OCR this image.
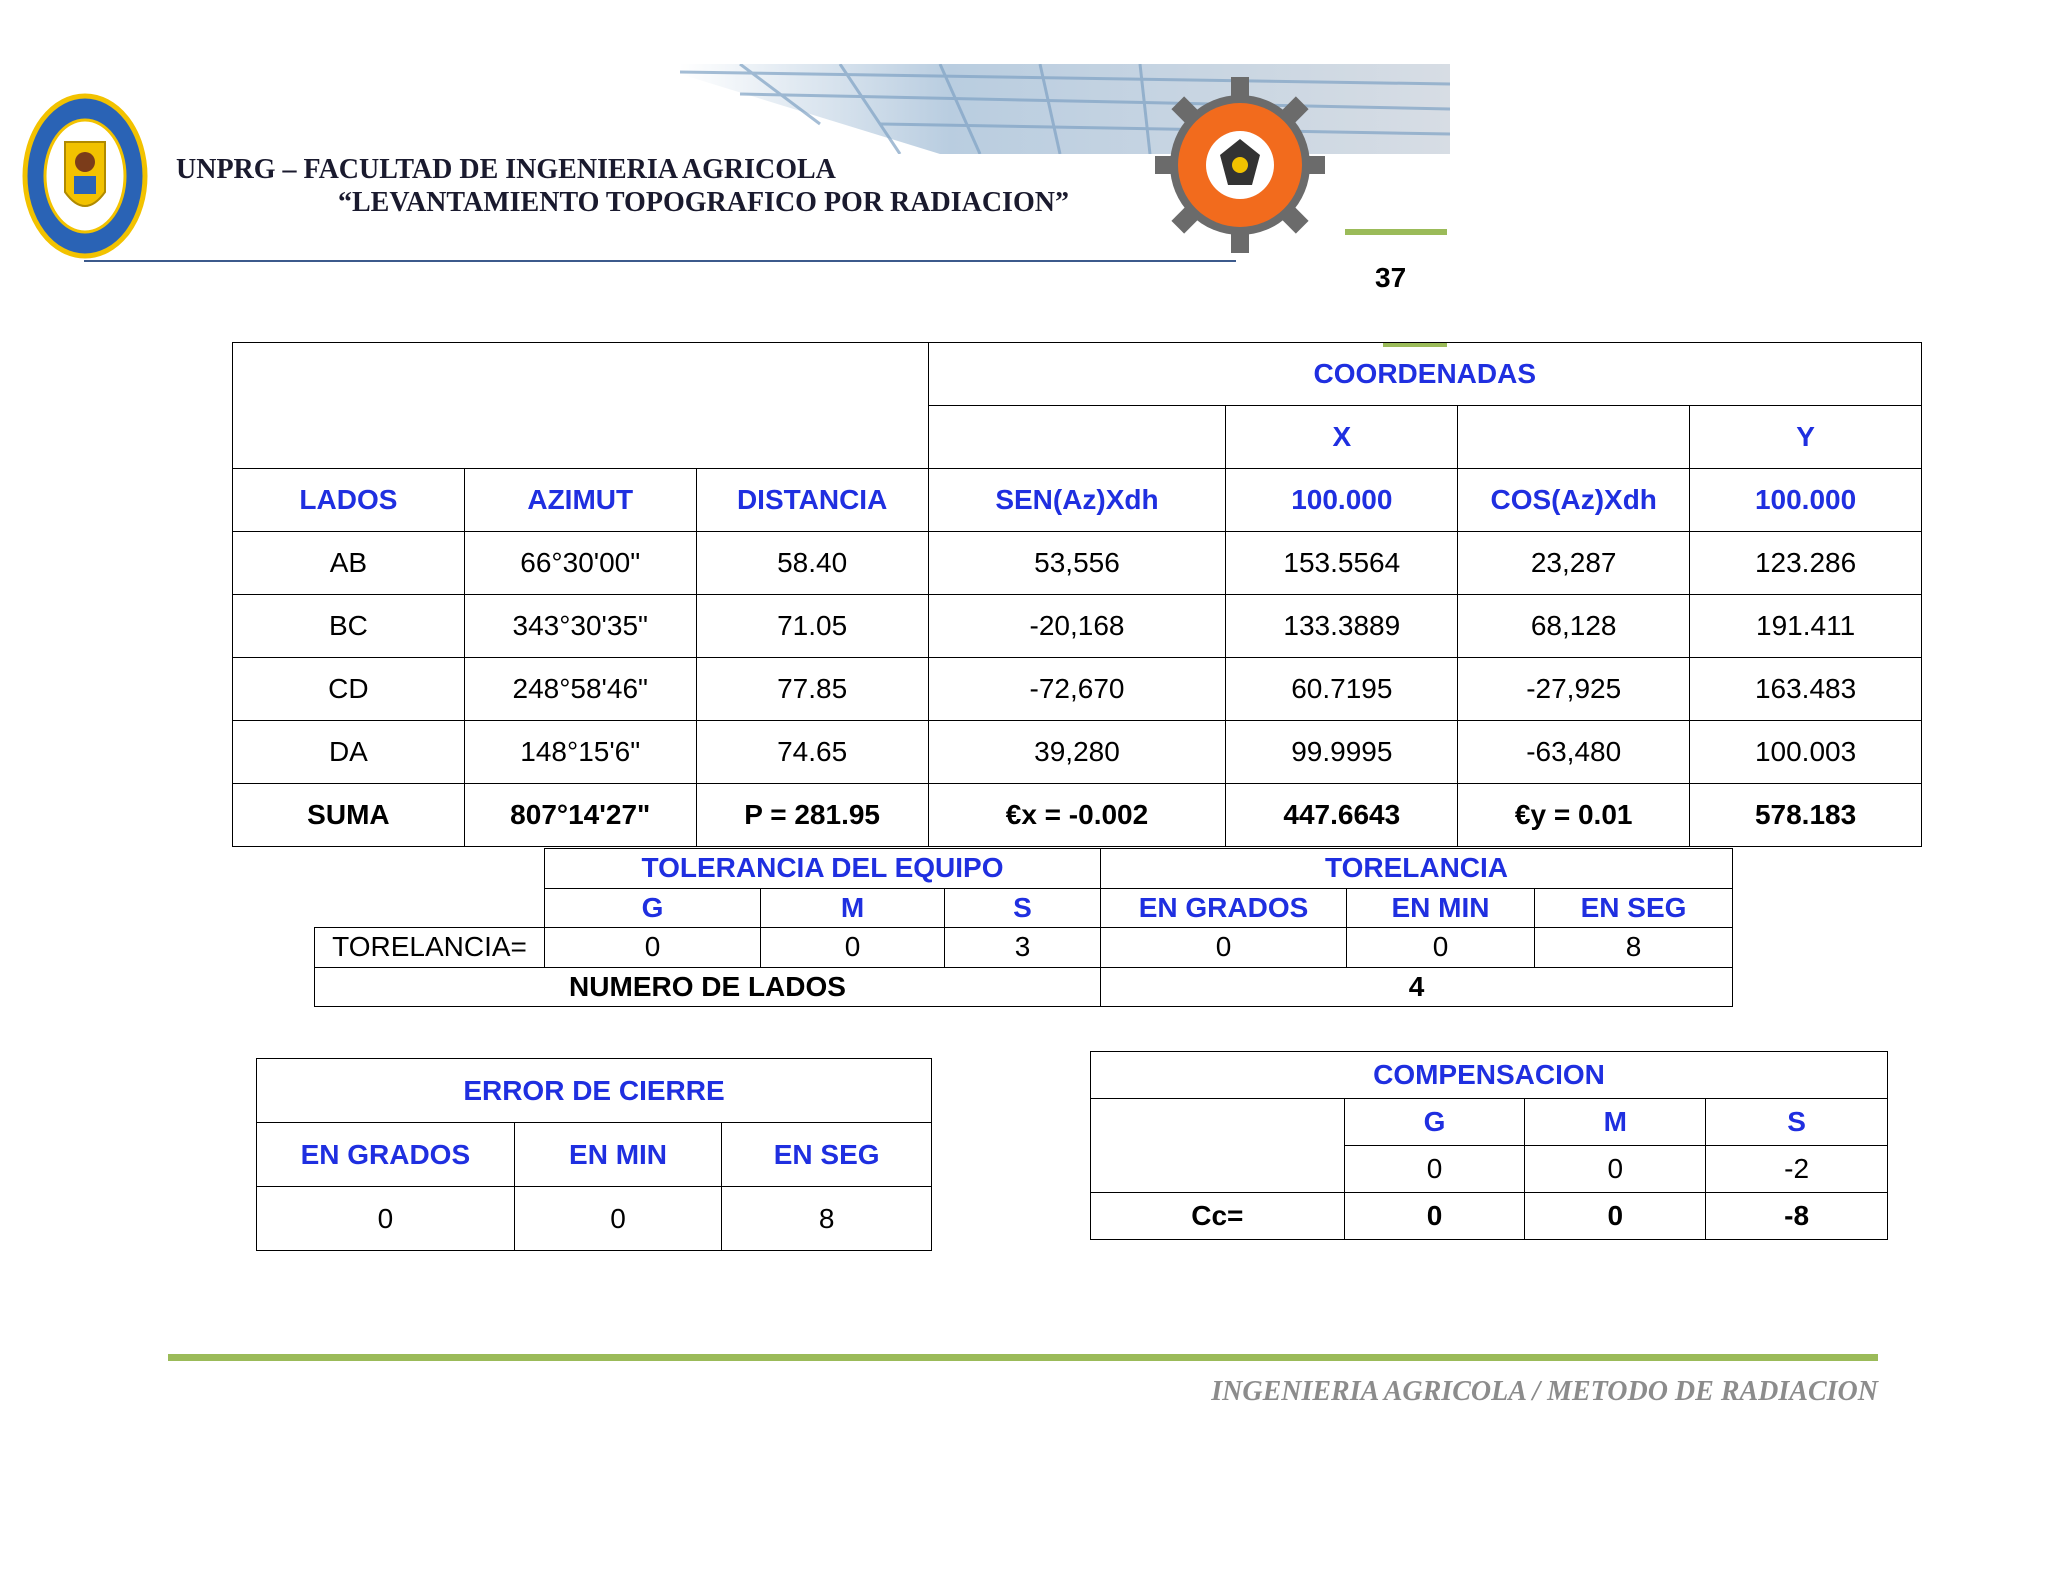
UNPRG – FACULTAD DE INGENIERIA AGRICOLA
“LEVANTAMIENTO TOPOGRAFICO POR RADIACION”
37
			COORDENADAS			
				X		Y
LADOS	AZIMUT	DISTANCIA	SEN(Az)Xdh	100.000	COS(Az)Xdh	100.000
AB	66°30'00"	58.40	53,556	153.5564	23,287	123.286
BC	343°30'35"	71.05	-20,168	133.3889	68,128	191.411
CD	248°58'46"	77.85	-72,670	60.7195	-27,925	163.483
DA	148°15'6"	74.65	39,280	99.9995	-63,480	100.003
SUMA	807°14'27"	P = 281.95	€x = -0.002	447.6643	€y = 0.01	578.183
	TOLERANCIA DEL EQUIPO			TORELANCIA		
	G	M	S	EN GRADOS	EN MIN	EN SEG
TORELANCIA=	0	0	3	0	0	8
NUMERO DE LADOS				4		
ERROR DE CIERRE		
EN GRADOS	EN MIN	EN SEG
0	0	8
COMPENSACION			
	G	M	S
	0	0	-2
Cc=	0	0	-8
INGENIERIA AGRICOLA / METODO DE RADIACION
